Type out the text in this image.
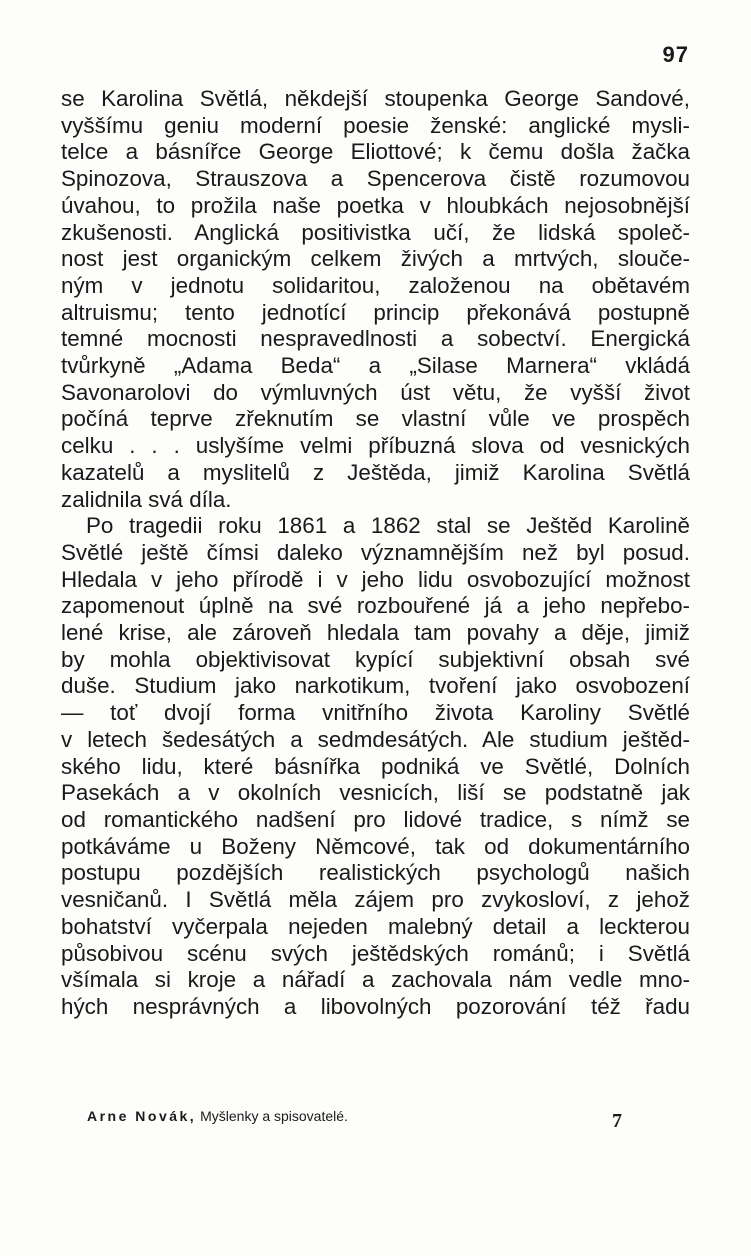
97
se Karolina Světlá, někdejší stoupenka George Sandové,
vyššímu geniu moderní poesie ženské: anglické mysli-
telce a básnířce George Eliottové; k čemu došla žačka
Spinozova, Strauszova a Spencerova čistě rozumovou
úvahou, to prožila naše poetka v hloubkách nejosobnější
zkušenosti. Anglická positivistka učí, že lidská společ-
nost jest organickým celkem živých a mrtvých, slouče-
ným v jednotu solidaritou, založenou na obětavém
altruismu; tento jednotící princip překonává postupně
temné mocnosti nespravedlnosti a sobectví. Energická
tvůrkyně „Adama Beda“ a „Silase Marnera“ vkládá
Savonarolovi do výmluvných úst větu, že vyšší život
počíná teprve zřeknutím se vlastní vůle ve prospěch
celku . . . uslyšíme velmi příbuzná slova od vesnických
kazatelů a myslitelů z Ještěda, jimiž Karolina Světlá
zalidnila svá díla.
Po tragedii roku 1861 a 1862 stal se Ještěd Karolině
Světlé ještě čímsi daleko významnějším než byl posud.
Hledala v jeho přírodě i v jeho lidu osvobozující možnost
zapomenout úplně na své rozbouřené já a jeho nepřebo-
lené krise, ale zároveň hledala tam povahy a děje, jimiž
by mohla objektivisovat kypící subjektivní obsah své
duše. Studium jako narkotikum, tvoření jako osvobození
— toť dvojí forma vnitřního života Karoliny Světlé
v letech šedesátých a sedmdesátých. Ale studium ještěd-
ského lidu, které básnířka podniká ve Světlé, Dolních
Pasekách a v okolních vesnicích, liší se podstatně jak
od romantického nadšení pro lidové tradice, s nímž se
potkáváme u Boženy Němcové, tak od dokumentárního
postupu pozdějších realistických psychologů našich
vesničanů. I Světlá měla zájem pro zvykosloví, z jehož
bohatství vyčerpala nejeden malebný detail a leckterou
působivou scénu svých ještědských románů; i Světlá
všímala si kroje a nářadí a zachovala nám vedle mno-
hých nesprávných a libovolných pozorování též řadu
Arne Novák, Myšlenky a spisovatelé.	7
